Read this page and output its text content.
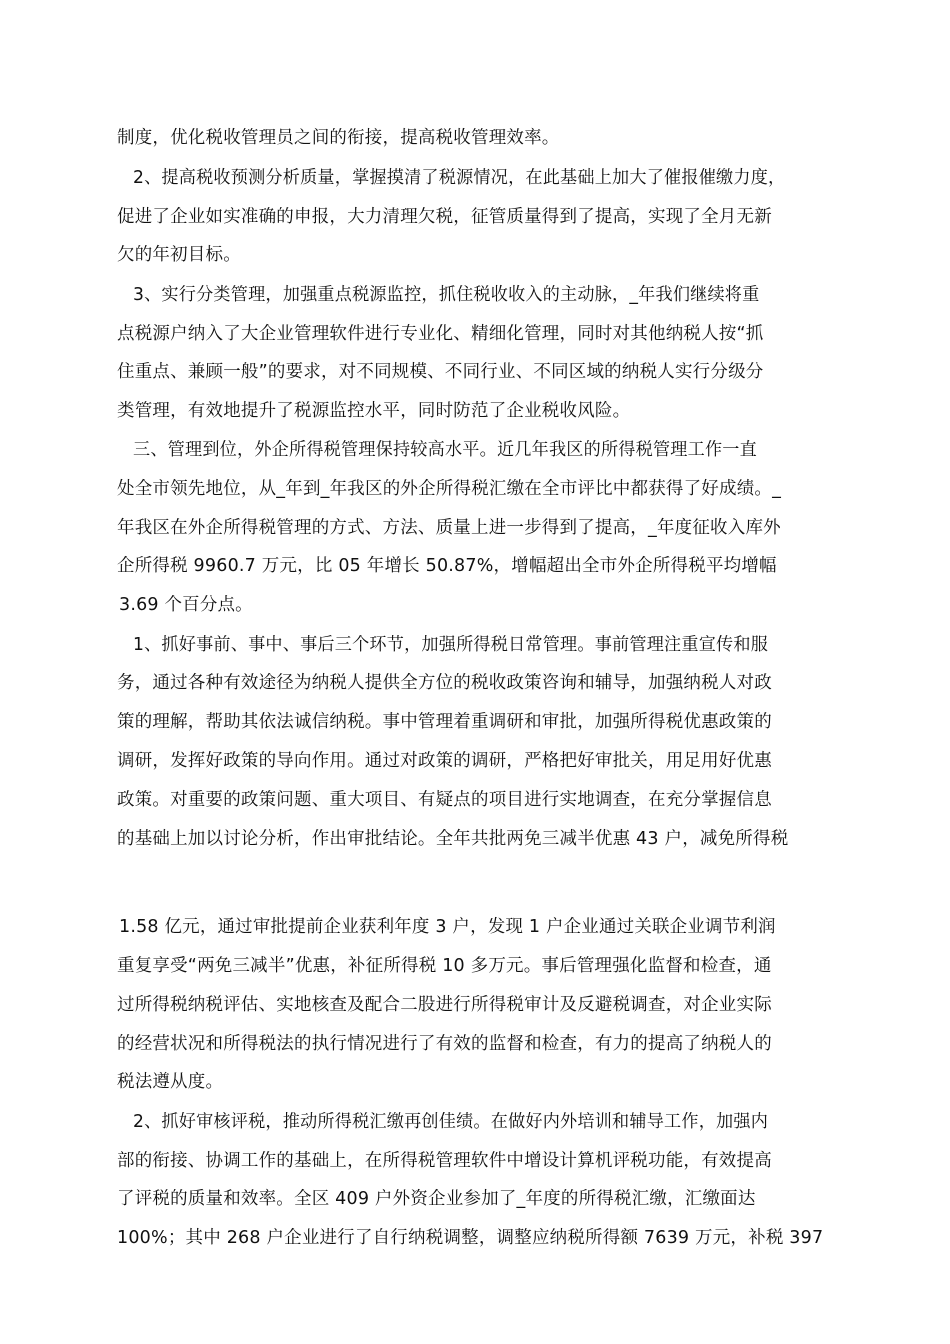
制度，优化税收管理员之间的衔接，提高税收管理效率。
2、提高税收预测分析质量，掌握摸清了税源情况，在此基础上加大了催报催缴力度，
促进了企业如实准确的申报，大力清理欠税，征管质量得到了提高，实现了全月无新
欠的年初目标。
3、实行分类管理，加强重点税源监控，抓住税收收入的主动脉，_年我们继续将重
点税源户纳入了大企业管理软件进行专业化、精细化管理，同时对其他纳税人按“抓
住重点、兼顾一般”的要求，对不同规模、不同行业、不同区域的纳税人实行分级分
类管理，有效地提升了税源监控水平，同时防范了企业税收风险。
三、管理到位，外企所得税管理保持较高水平。近几年我区的所得税管理工作一直
处全市领先地位，从_年到_年我区的外企所得税汇缴在全市评比中都获得了好成绩。_
年我区在外企所得税管理的方式、方法、质量上进一步得到了提高，_年度征收入库外
企所得税 9960.7 万元，比 05 年增长 50.87%，增幅超出全市外企所得税平均增幅
3.69 个百分点。
1、抓好事前、事中、事后三个环节，加强所得税日常管理。事前管理注重宣传和服
务，通过各种有效途径为纳税人提供全方位的税收政策咨询和辅导，加强纳税人对政
策的理解，帮助其依法诚信纳税。事中管理着重调研和审批，加强所得税优惠政策的
调研，发挥好政策的导向作用。通过对政策的调研，严格把好审批关，用足用好优惠
政策。对重要的政策问题、重大项目、有疑点的项目进行实地调查，在充分掌握信息
的基础上加以讨论分析，作出审批结论。全年共批两免三减半优惠 43 户，减免所得税
1.58 亿元，通过审批提前企业获利年度 3 户，发现 1 户企业通过关联企业调节利润
重复享受“两免三减半”优惠，补征所得税 10 多万元。事后管理强化监督和检查，通
过所得税纳税评估、实地核查及配合二股进行所得税审计及反避税调查，对企业实际
的经营状况和所得税法的执行情况进行了有效的监督和检查，有力的提高了纳税人的
税法遵从度。
2、抓好审核评税，推动所得税汇缴再创佳绩。在做好内外培训和辅导工作，加强内
部的衔接、协调工作的基础上，在所得税管理软件中增设计算机评税功能，有效提高
了评税的质量和效率。全区 409 户外资企业参加了_年度的所得税汇缴，汇缴面达
100%；其中 268 户企业进行了自行纳税调整，调整应纳税所得额 7639 万元，补税 397
